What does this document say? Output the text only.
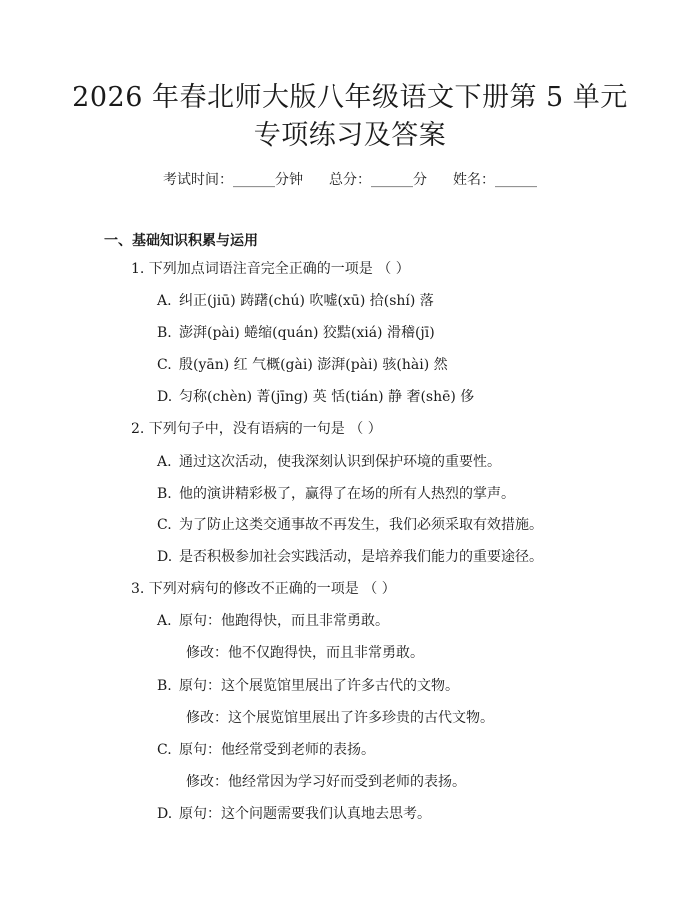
2026 年春北师大版八年级语文下册第 5 单元
专项练习及答案
考试时间：______分钟 总分：______分 姓名：______
一、基础知识积累与运用
1. 下列加点词语注音完全正确的一项是 （ ）
A. 纠正(jiū) 踌躇(chú) 吹嘘(xū) 拾(shí) 落
B. 澎湃(pài) 蜷缩(quán) 狡黠(xiá) 滑稽(jī)
C. 殷(yān) 红 气概(gài) 澎湃(pài) 骇(hài) 然
D. 匀称(chèn) 菁(jīng) 英 恬(tián) 静 奢(shē) 侈
2. 下列句子中，没有语病的一句是 （ ）
A. 通过这次活动，使我深刻认识到保护环境的重要性。
B. 他的演讲精彩极了，赢得了在场的所有人热烈的掌声。
C. 为了防止这类交通事故不再发生，我们必须采取有效措施。
D. 是否积极参加社会实践活动，是培养我们能力的重要途径。
3. 下列对病句的修改不正确的一项是 （ ）
A. 原句：他跑得快，而且非常勇敢。
修改：他不仅跑得快，而且非常勇敢。
B. 原句：这个展览馆里展出了许多古代的文物。
修改：这个展览馆里展出了许多珍贵的古代文物。
C. 原句：他经常受到老师的表扬。
修改：他经常因为学习好而受到老师的表扬。
D. 原句：这个问题需要我们认真地去思考。
